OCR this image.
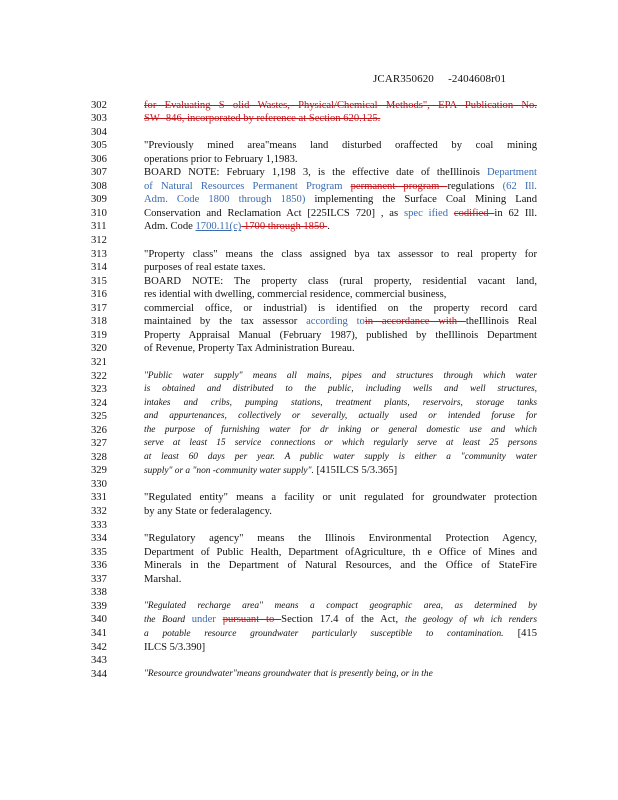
JCAR350620     -2404608r01
302	for Evaluating S olid Wastes, Physical/Chemical Methods", EPA Publication No.
303	SW -846, incorporated by reference at Section 620.125.
304
305	"Previously mined area"means land disturbed oraffected by coal mining
306	operations prior to February 1,1983.
307	BOARD NOTE: February 1,198 3, is the effective date of theIllinois Department
308	of Natural Resources Permanent Program permanent program regulations (62 Ill.
309	Adm. Code 1800 through 1850) implementing the Surface Coal Mining Land
310	Conservation and Reclamation Act [225ILCS 720] , as spec ified codified in 62 Ill.
311	Adm. Code 1700.11(c) 1700 through 1850 .
312
313	"Property class" means the class assigned bya tax assessor to real property for
314	purposes of real estate taxes.
315	BOARD NOTE: The property class (rural property, residential vacant land,
316	res idential with dwelling, commercial residence, commercial business,
317	commercial office, or industrial) is identified on the property record card
318	maintained by the tax assessor according toin accordance with theIllinois Real
319	Property Appraisal Manual (February 1987), published by theIllinois Department
320	of Revenue, Property Tax Administration Bureau.
321
322	"Public water supply" means all mains, pipes and structures through which water
323	is obtained and distributed to the public, including wells and well structures,
324	intakes and cribs, pumping stations, treatment plants, reservoirs, storage tanks
325	and appurtenances, collectively or severally, actually used or intended foruse for
326	the purpose of furnishing water for dr inking or general domestic use and which
327	serve at least 15 service connections or which regularly serve at least 25 persons
328	at least 60 days per year. A public water supply is either a "community water
329	supply" or a "non -community water supply". [415ILCS 5/3.365]
330
331	"Regulated entity" means a facility or unit regulated for groundwater protection
332	by any State or federalagency.
333
334	"Regulatory agency" means the Illinois Environmental Protection Agency,
335	Department of Public Health, Department ofAgriculture, th e Office of Mines and
336	Minerals in the Department of Natural Resources, and the Office of StateFire
337	Marshal.
338
339	"Regulated recharge area" means a compact geographic area, as determined by
340	the Board under pursuant to Section 17.4 of the Act, the geology of wh ich renders
341	a potable resource groundwater particularly susceptible to contamination. [415
342	ILCS 5/3.390]
343
344	"Resource groundwater"means groundwater that is presently being, or in the
